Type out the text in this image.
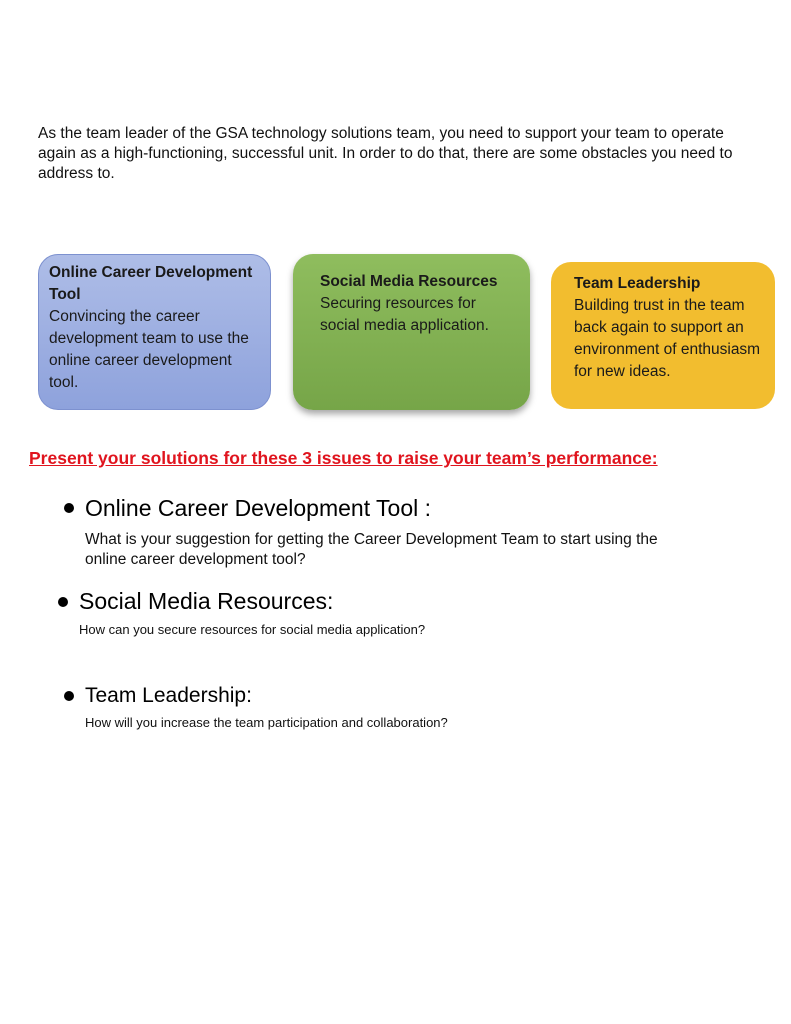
As the team leader of the GSA technology solutions team, you need to support your team to operate again as a high-functioning, successful unit. In order to do that, there are some obstacles you need to address to.

Online Career Development Tool
Convincing the career development team to use the online career development tool.
Social Media Resources
Securing resources for social media application.
Team Leadership
Building trust in the team back again to support an environment of enthusiasm for new ideas.

Present your solutions for these 3 issues to raise your team’s performance:

Online Career Development Tool :
What is your suggestion for getting the Career Development Team to start using the online career development tool?
Social Media Resources:
How can you secure resources for social media application?
Team Leadership:
How will you increase the team participation and collaboration?
